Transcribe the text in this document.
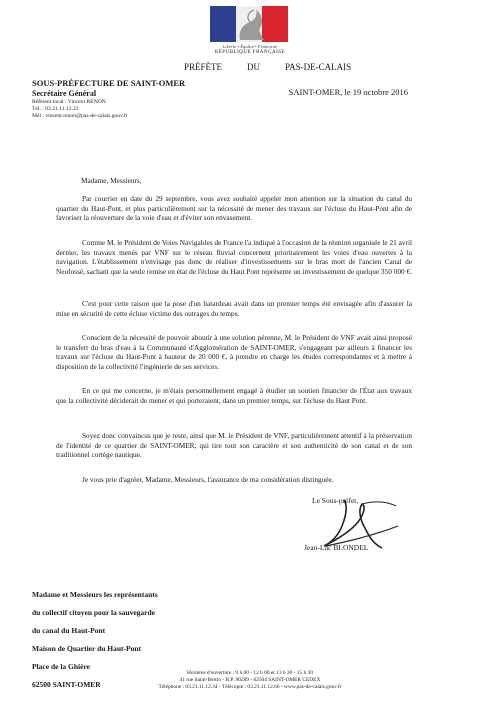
Liberté • Égalité • Fraternité
RÉPUBLIQUE FRANÇAISE
PRÉFÈTE	DU	PAS-DE-CALAIS
SOUS-PRÉFECTURE DE SAINT-OMER
Secrétaire Général
Référent local : Vincent RENON
Tél. : 03.21.11.12.23
Mél : vincent.renon@pas-de-calais.gouv.fr
SAINT-OMER, le 19 octobre 2016
Madame, Messieurs,

Par courrier en date du 29 septembre, vous avez souhaité appeler mon attention sur la situation du canal du quartier du Haut-Pont, et plus particulièrement sur la nécessité de mener des travaux sur l'écluse du Haut-Pont afin de favoriser la réouverture de la voie d'eau et d'éviter son envasement.

Comme M. le Président de Voies Navigables de France l'a indiqué à l'occasion de la réunion organisée le 21 avril dernier, les travaux menés par VNF sur le réseau fluvial concernent prioritairement les voies d'eau ouvertes à la navigation. L'établissement n'envisage pas donc de réaliser d'investissements sur le bras mort de l'ancien Canal de Neufossé, sachant que la seule remise en état de l'écluse du Haut Pont représente un investissement de quelque 350 000 €.

C'est pour cette raison que la pose d'un batardeau avait dans un premier temps été envisagée afin d'assurer la mise en sécurité de cette écluse victime des outrages du temps.

Conscient de la nécessité de pouvoir aboutir à une solution pérenne, M. le Président de VNF avait ainsi proposé le transfert du bras d'eau à la Communauté d'Agglomération de SAINT-OMER, s'engageant par ailleurs à financer les travaux sur l'écluse du Haut-Pont à hauteur de 20 000 €, à prendre en charge les études correspondantes et à mettre à disposition de la collectivité l'ingénierie de ses services.

En ce qui me concerne, je m'étais personnellement engagé à étudier un soutien financier de l'État aux travaux que la collectivité déciderait de mener et qui porteraient, dans un premier temps, sur l'écluse du Haut Pont.

Soyez donc convaincus que je reste, ainsi que M. le Président de VNF, particulièrement attentif à la préservation de l'identité de ce quartier de SAINT-OMER, qui tire tout son caractère et son authenticité de son canal et de son traditionnel cortège nautique.

Je vous prie d'agréer, Madame, Messieurs, l'assurance de ma considération distinguée.

Le Sous-préfet,
Jean-Luc BLONDEL
Madame et Messieurs les représentants
du collectif citoyen pour la sauvegarde
du canal du Haut-Pont
Maison de Quartier du Haut-Pont
Place de la Ghière
62500 SAINT-OMER
Horaires d'ouverture : 9 h 00 - 12 h 00 et 13 h 30 - 15 h 30
41 rue Saint-Bertin - B.P. 90289 - 62504 SAINT-OMER CEDEX
Téléphone : 03.21.11.12.34 - Télécopie : 03.21.11.12.66 - www.pas-de-calais.gouv.fr
